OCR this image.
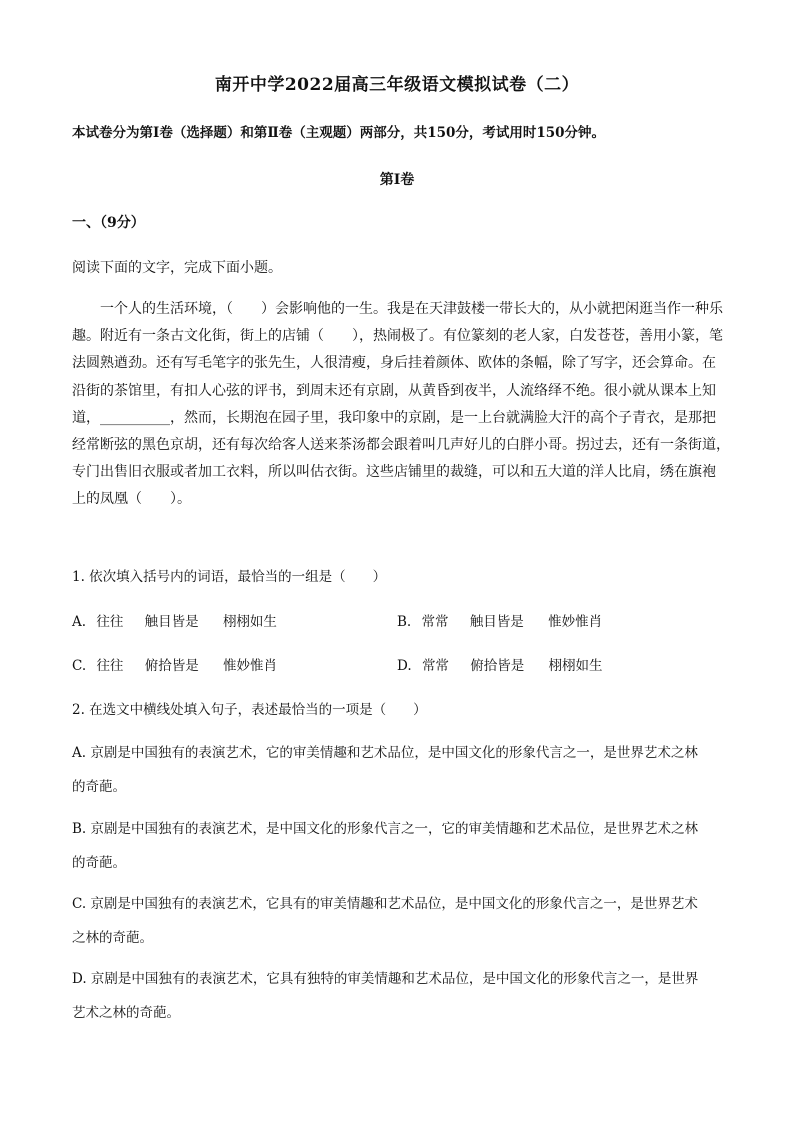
南开中学2022届高三年级语文模拟试卷（二）
本试卷分为第Ⅰ卷（选择题）和第Ⅱ卷（主观题）两部分，共150分，考试用时150分钟。
第Ⅰ卷
一、（9分）
阅读下面的文字，完成下面小题。
一个人的生活环境，（　　）会影响他的一生。我是在天津鼓楼一带长大的，从小就把闲逛当作一种乐
趣。附近有一条古文化街，街上的店铺（　　），热闹极了。有位篆刻的老人家，白发苍苍，善用小篆，笔
法圆熟遒劲。还有写毛笔字的张先生，人很清瘦，身后挂着颜体、欧体的条幅，除了写字，还会算命。在
沿街的茶馆里，有扣人心弦的评书，到周末还有京剧，从黄昏到夜半，人流络绎不绝。很小就从课本上知
道，__________，然而，长期泡在园子里，我印象中的京剧，是一上台就满脸大汗的高个子青衣，是那把
经常断弦的黑色京胡，还有每次给客人送来茶汤都会跟着叫几声好儿的白胖小哥。拐过去，还有一条街道，
专门出售旧衣服或者加工衣料，所以叫估衣街。这些店铺里的裁缝，可以和五大道的洋人比肩，绣在旗袍
上的凤凰（　　）。
1. 依次填入括号内的词语，最恰当的一组是（　　）
A. 往往 触目皆是 栩栩如生	B. 常常 触目皆是 惟妙惟肖
C. 往往 俯拾皆是 惟妙惟肖	D. 常常 俯拾皆是 栩栩如生
2. 在选文中横线处填入句子，表述最恰当的一项是（　　）
A. 京剧是中国独有的表演艺术，它的审美情趣和艺术品位，是中国文化的形象代言之一，是世界艺术之林
的奇葩。
B. 京剧是中国独有的表演艺术，是中国文化的形象代言之一，它的审美情趣和艺术品位，是世界艺术之林
的奇葩。
C. 京剧是中国独有的表演艺术，它具有的审美情趣和艺术品位，是中国文化的形象代言之一，是世界艺术
之林的奇葩。
D. 京剧是中国独有的表演艺术，它具有独特的审美情趣和艺术品位，是中国文化的形象代言之一，是世界
艺术之林的奇葩。
